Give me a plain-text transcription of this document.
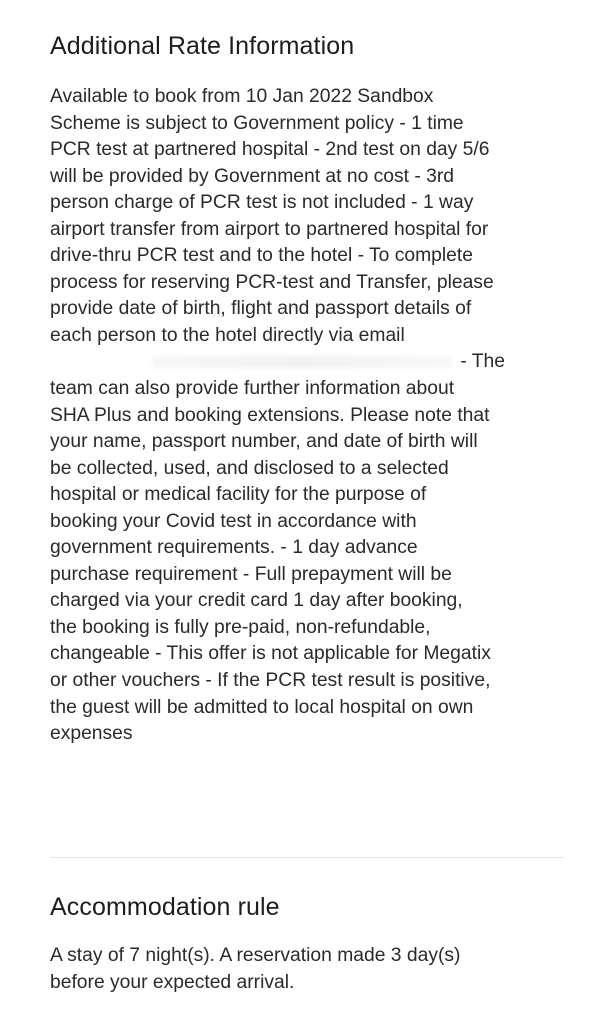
Additional Rate Information
Available to book from 10 Jan 2022 Sandbox
Scheme is subject to Government policy - 1 time
PCR test at partnered hospital - 2nd test on day 5/6
will be provided by Government at no cost - 3rd
person charge of PCR test is not included - 1 way
airport transfer from airport to partnered hospital for
drive-thru PCR test and to the hotel - To complete
process for reserving PCR-test and Transfer, please
provide date of birth, flight and passport details of
each person to the hotel directly via email
- The
team can also provide further information about
SHA Plus and booking extensions. Please note that
your name, passport number, and date of birth will
be collected, used, and disclosed to a selected
hospital or medical facility for the purpose of
booking your Covid test in accordance with
government requirements. - 1 day advance
purchase requirement - Full prepayment will be
charged via your credit card 1 day after booking,
the booking is fully pre-paid, non-refundable,
changeable - This offer is not applicable for Megatix
or other vouchers - If the PCR test result is positive,
the guest will be admitted to local hospital on own
expenses
Accommodation rule
A stay of 7 night(s). A reservation made 3 day(s)
before your expected arrival.
